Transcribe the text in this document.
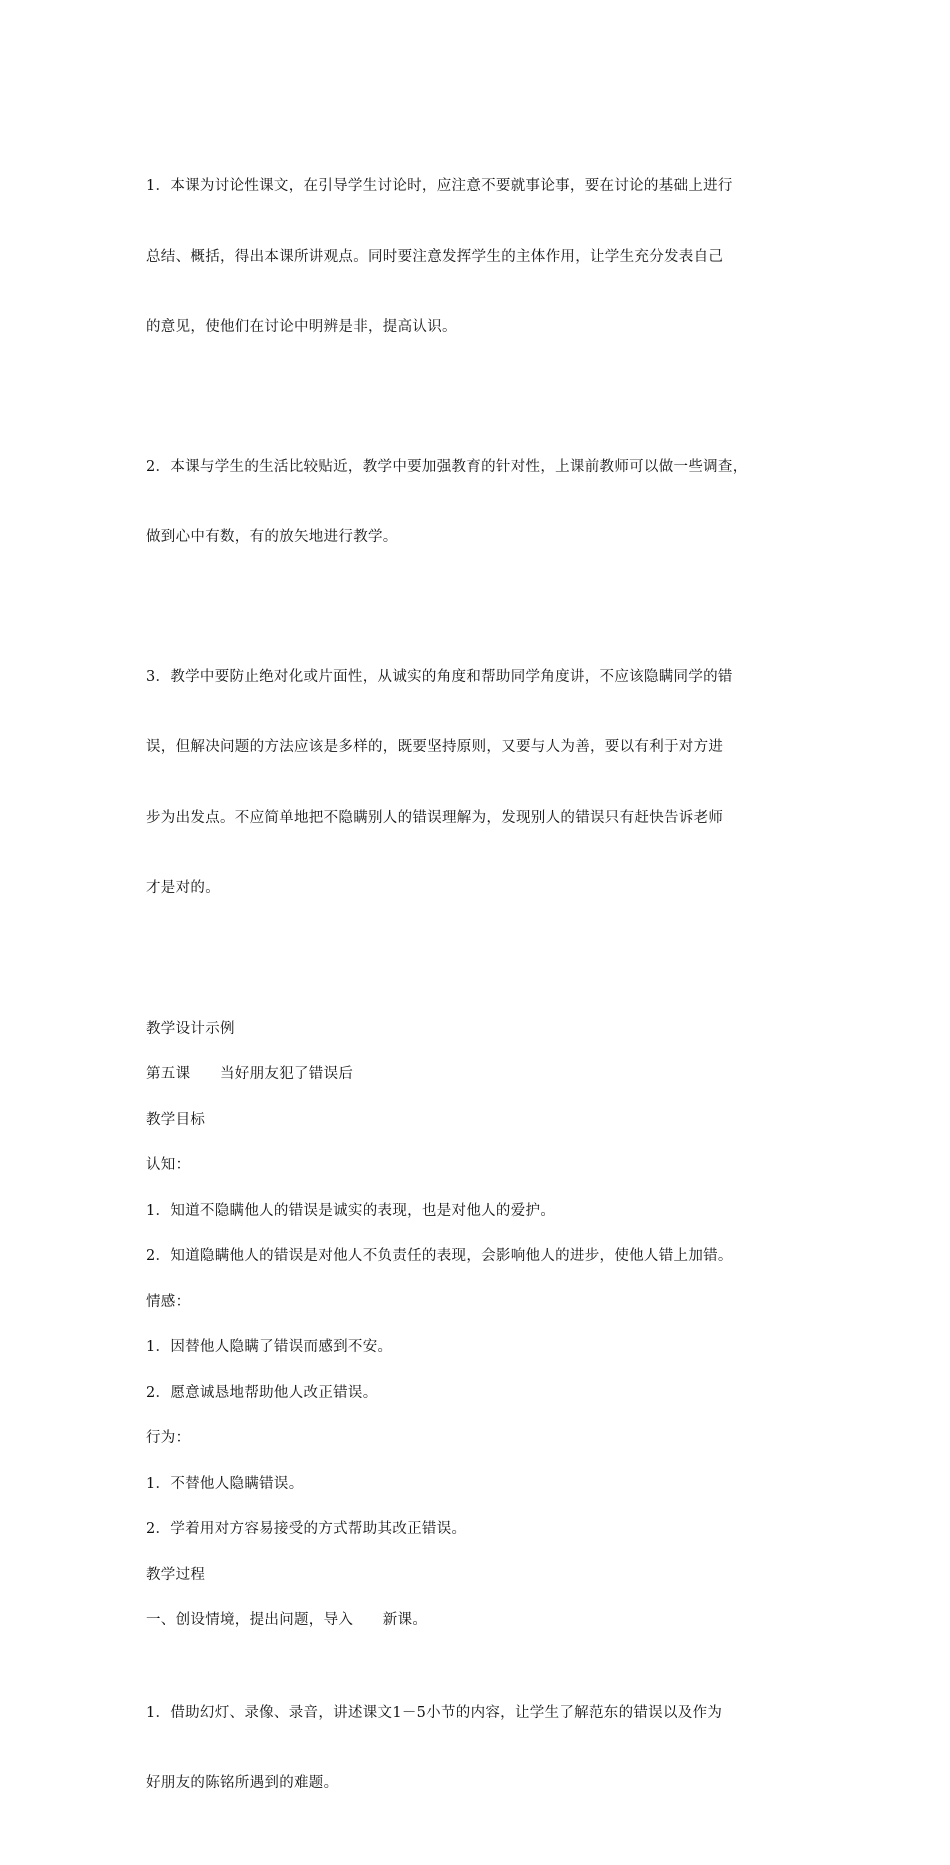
1．本课为讨论性课文，在引导学生讨论时，应注意不要就事论事，要在讨论的基础上进行

总结、概括，得出本课所讲观点。同时要注意发挥学生的主体作用，让学生充分发表自己

的意见，使他们在讨论中明辨是非，提高认识。

2．本课与学生的生活比较贴近，教学中要加强教育的针对性，上课前教师可以做一些调查，

做到心中有数，有的放矢地进行教学。

3．教学中要防止绝对化或片面性，从诚实的角度和帮助同学角度讲，不应该隐瞒同学的错

误，但解决问题的方法应该是多样的，既要坚持原则，又要与人为善，要以有利于对方进

步为出发点。不应简单地把不隐瞒别人的错误理解为，发现别人的错误只有赶快告诉老师

才是对的。

教学设计示例
第五课　　当好朋友犯了错误后
教学目标
认知：
1．知道不隐瞒他人的错误是诚实的表现，也是对他人的爱护。
2．知道隐瞒他人的错误是对他人不负责任的表现，会影响他人的进步，使他人错上加错。
情感：
1．因替他人隐瞒了错误而感到不安。
2．愿意诚恳地帮助他人改正错误。
行为：
1．不替他人隐瞒错误。
2．学着用对方容易接受的方式帮助其改正错误。
教学过程
一、创设情境，提出问题，导入　　新课。

1．借助幻灯、录像、录音，讲述课文1－5小节的内容，让学生了解范东的错误以及作为

好朋友的陈铭所遇到的难题。
